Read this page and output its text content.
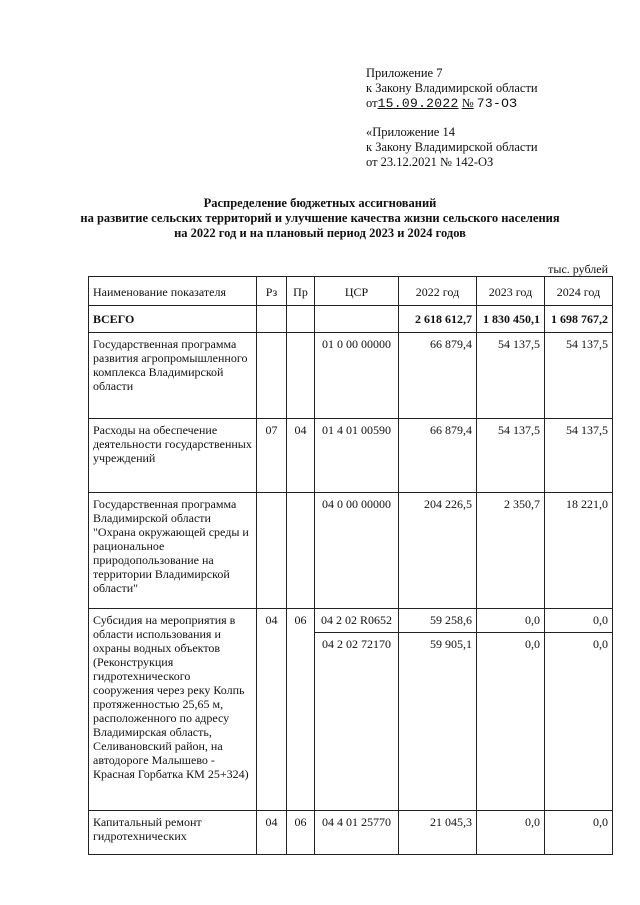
Приложение 7
к Закону Владимирской области
от15.09.2022 № 73-ОЗ
«Приложение 14
к Закону Владимирской области
от 23.12.2021 № 142-ОЗ
Распределение бюджетных ассигнований
на развитие сельских территорий и улучшение качества жизни сельского населения
на 2022 год и на плановый период 2023 и 2024 годов
тыс. рублей
Наименование показателя	Рз	Пр	ЦСР	2022 год	2023 год	2024 год
ВСЕГО				2 618 612,7	1 830 450,1	1 698 767,2
Государственная программа развития агропромышленного комплекса Владимирской области			01 0 00 00000	66 879,4	54 137,5	54 137,5
Расходы на обеспечение деятельности государственных учреждений	07	04	01 4 01 00590	66 879,4	54 137,5	54 137,5
Государственная программа Владимирской области "Охрана окружающей среды и рациональное природопользование на территории Владимирской области"			04 0 00 00000	204 226,5	2 350,7	18 221,0
Субсидия на мероприятия в области использования и охраны водных объектов (Реконструкция гидротехнического сооружения через реку Колпь протяженностью 25,65 м, расположенного по адресу Владимирская область, Селивановский район, на автодороге Малышево - Красная Горбатка КМ 25+324)	04	06	04 2 02 R0652	59 258,6	0,0	0,0
			04 2 02 72170	59 905,1	0,0	0,0
Капитальный ремонт гидротехнических	04	06	04 4 01 25770	21 045,3	0,0	0,0
